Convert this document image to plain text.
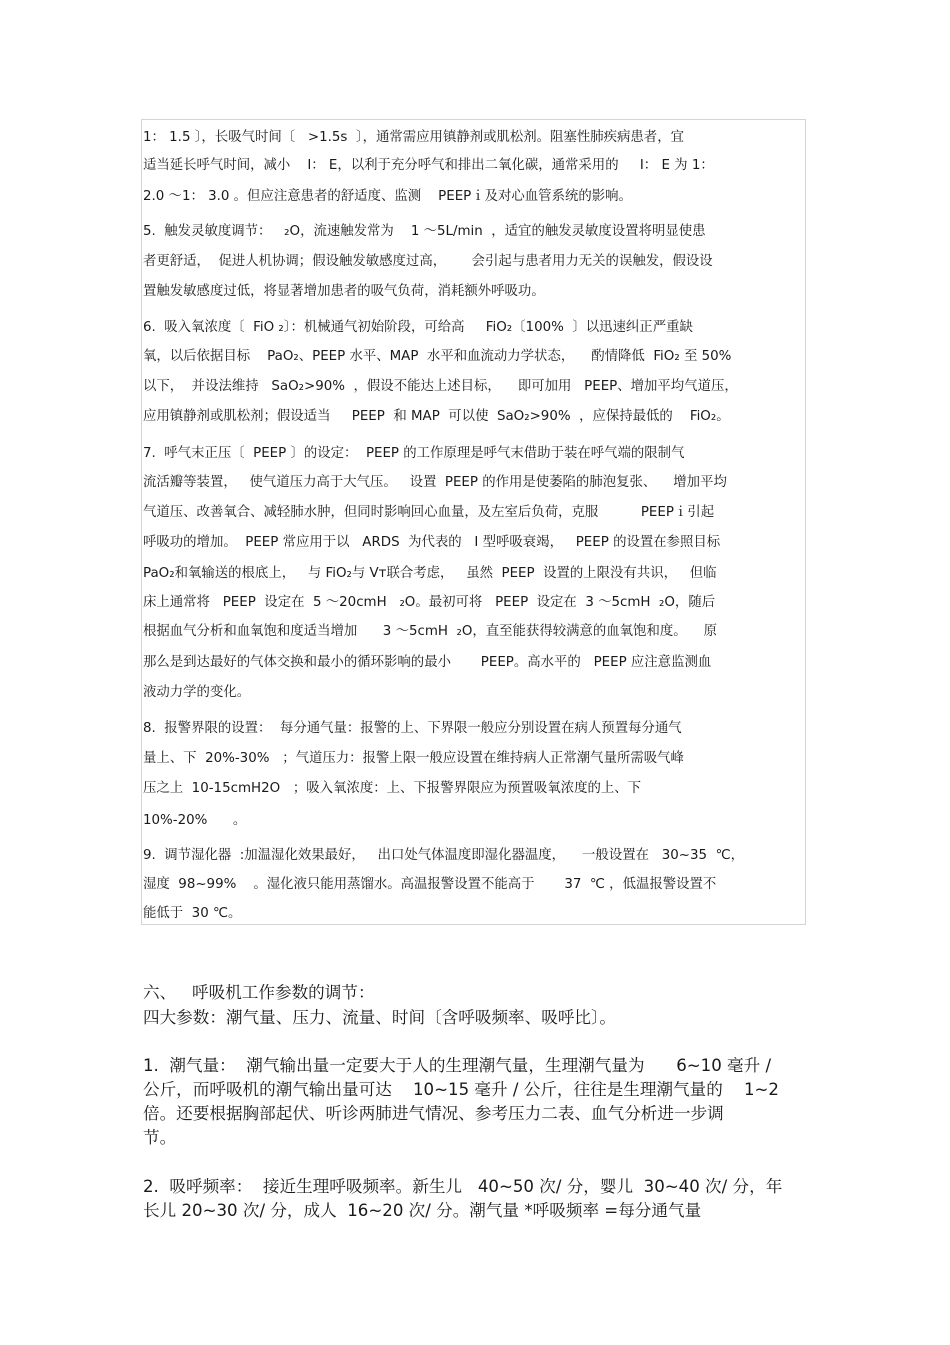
1： 1.5 〕，长吸气时间〔   >1.5s  〕，通常需应用镇静剂或肌松剂。阻塞性肺疾病患者，宜
适当延长呼气时间，减小    I： E，以利于充分呼气和排出二氧化碳，通常采用的     I： E 为 1：
2.0 ～1： 3.0 。但应注意患者的舒适度、监测    PEEPｉ及对心血管系统的影响。
5.  触发灵敏度调节：   ₂O，流速触发常为    1 ～5L/min  ，适宜的触发灵敏度设置将明显使患
者更舒适，  促进人机协调；假设触发敏感度过高，      会引起与患者用力无关的误触发，假设设
置触发敏感度过低，将显著增加患者的吸气负荷，消耗额外呼吸功。
6.  吸入氧浓度〔  FiO ₂〕：机械通气初始阶段，可给高     FiO₂〔100%  〕以迅速纠正严重缺
氧，以后依据目标    PaO₂、PEEP 水平、MAP  水平和血流动力学状态，    酌情降低  FiO₂ 至 50%
以下，  并设法维持   SaO₂>90%  ，假设不能达上述目标，    即可加用   PEEP、增加平均气道压，
应用镇静剂或肌松剂；假设适当     PEEP  和 MAP  可以使  SaO₂>90%  ，应保持最低的    FiO₂。
7.  呼气末正压〔  PEEP 〕的设定：  PEEP 的工作原理是呼气末借助于装在呼气端的限制气
流活瓣等装置，   使气道压力高于大气压。   设置  PEEP 的作用是使萎陷的肺泡复张、    增加平均
气道压、改善氧合、减轻肺水肿，但同时影响回心血量，及左室后负荷，克服          PEEPｉ引起
呼吸功的增加。  PEEP 常应用于以   ARDS  为代表的   I 型呼吸衰竭，   PEEP 的设置在参照目标
PaO₂和氧输送的根底上，   与 FiO₂与 Vᴛ联合考虑，   虽然  PEEP  设置的上限没有共识，   但临
床上通常将   PEEP  设定在  5 ～20cmH   ₂O。最初可将   PEEP  设定在  3 ～5cmH  ₂O，随后
根据血气分析和血氧饱和度适当增加      3 ～5cmH  ₂O，直至能获得较满意的血氧饱和度。    原
那么是到达最好的气体交换和最小的循环影响的最小       PEEP。高水平的   PEEP 应注意监测血
液动力学的变化。
8.  报警界限的设置：  每分通气量：报警的上、下界限一般应分别设置在病人预置每分通气
量上、下  20%-30%   ；气道压力：报警上限一般应设置在维持病人正常潮气量所需吸气峰
压之上  10-15cmH2O   ；吸入氧浓度：上、下报警界限应为预置吸氧浓度的上、下
10%-20%      。
9.  调节湿化器  :加温湿化效果最好，   出口处气体温度即湿化器温度，    一般设置在   30~35  ℃，
湿度  98~99%    。湿化液只能用蒸馏水。高温报警设置不能高于       37  ℃ ，低温报警设置不
能低于  30 ℃。
六、   呼吸机工作参数的调节：
四大参数：潮气量、压力、流量、时间〔含呼吸频率、吸呼比〕。
1.  潮气量：  潮气输出量一定要大于人的生理潮气量，生理潮气量为      6~10 毫升 /
公斤，而呼吸机的潮气输出量可达    10~15 毫升 / 公斤，往往是生理潮气量的    1~2
倍。还要根据胸部起伏、听诊两肺进气情况、参考压力二表、血气分析进一步调
节。
2.  吸呼频率：  接近生理呼吸频率。新生儿   40~50 次/ 分，婴儿  30~40 次/ 分，年
长儿 20~30 次/ 分，成人  16~20 次/ 分。潮气量 *呼吸频率 =每分通气量
